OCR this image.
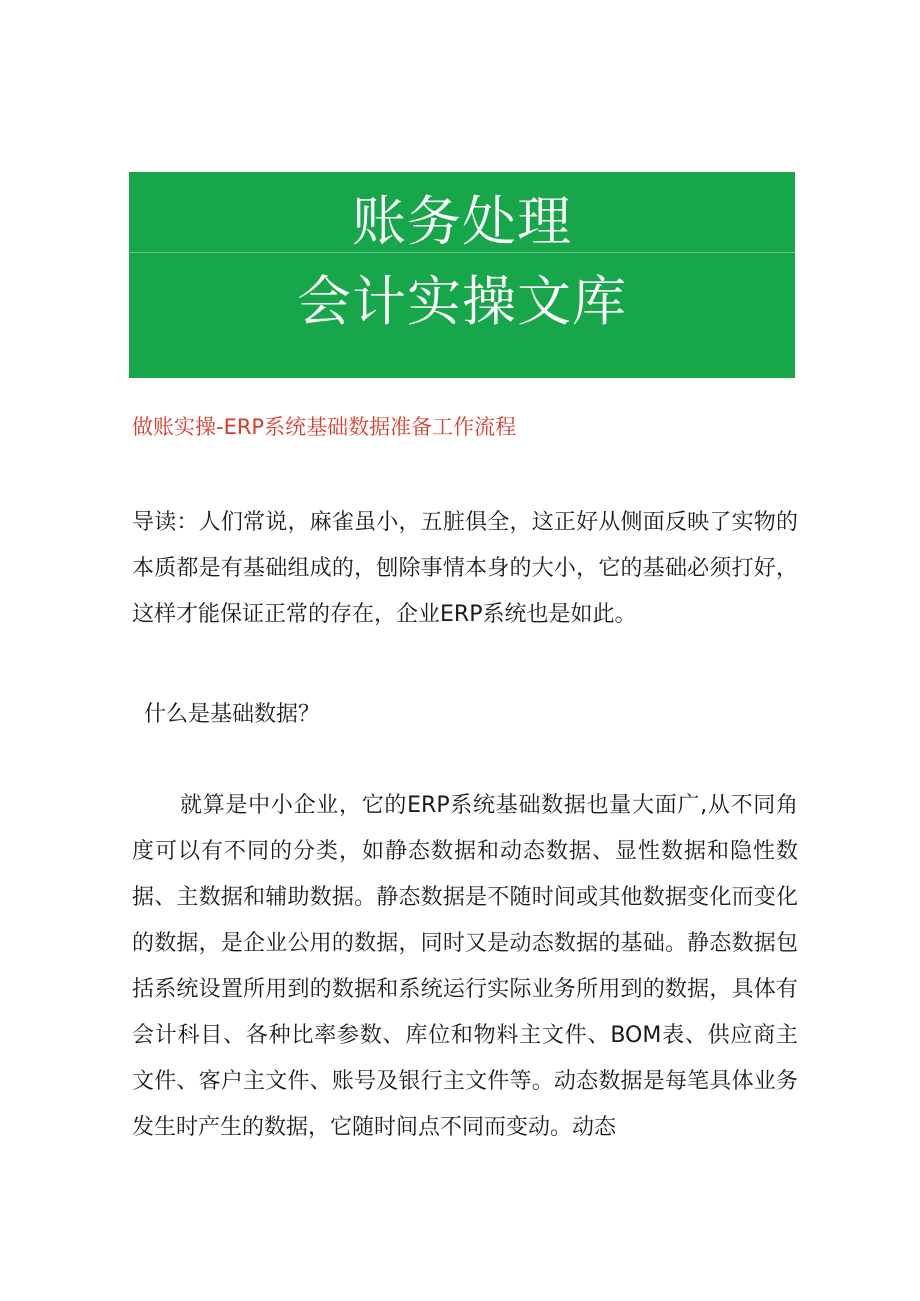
账务处理
会计实操文库
做账实操-ERP系统基础数据准备工作流程

导读：人们常说，麻雀虽小，五脏俱全，这正好从侧面反映了实物的本质都是有基础组成的，刨除事情本身的大小，它的基础必须打好，这样才能保证正常的存在，企业ERP系统也是如此。

什么是基础数据？

就算是中小企业，它的ERP系统基础数据也量大面广,从不同角度可以有不同的分类，如静态数据和动态数据、显性数据和隐性数据、主数据和辅助数据。静态数据是不随时间或其他数据变化而变化的数据，是企业公用的数据，同时又是动态数据的基础。静态数据包括系统设置所用到的数据和系统运行实际业务所用到的数据，具体有会计科目、各种比率参数、库位和物料主文件、BOM表、供应商主文件、客户主文件、账号及银行主文件等。动态数据是每笔具体业务发生时产生的数据，它随时间点不同而变动。动态
